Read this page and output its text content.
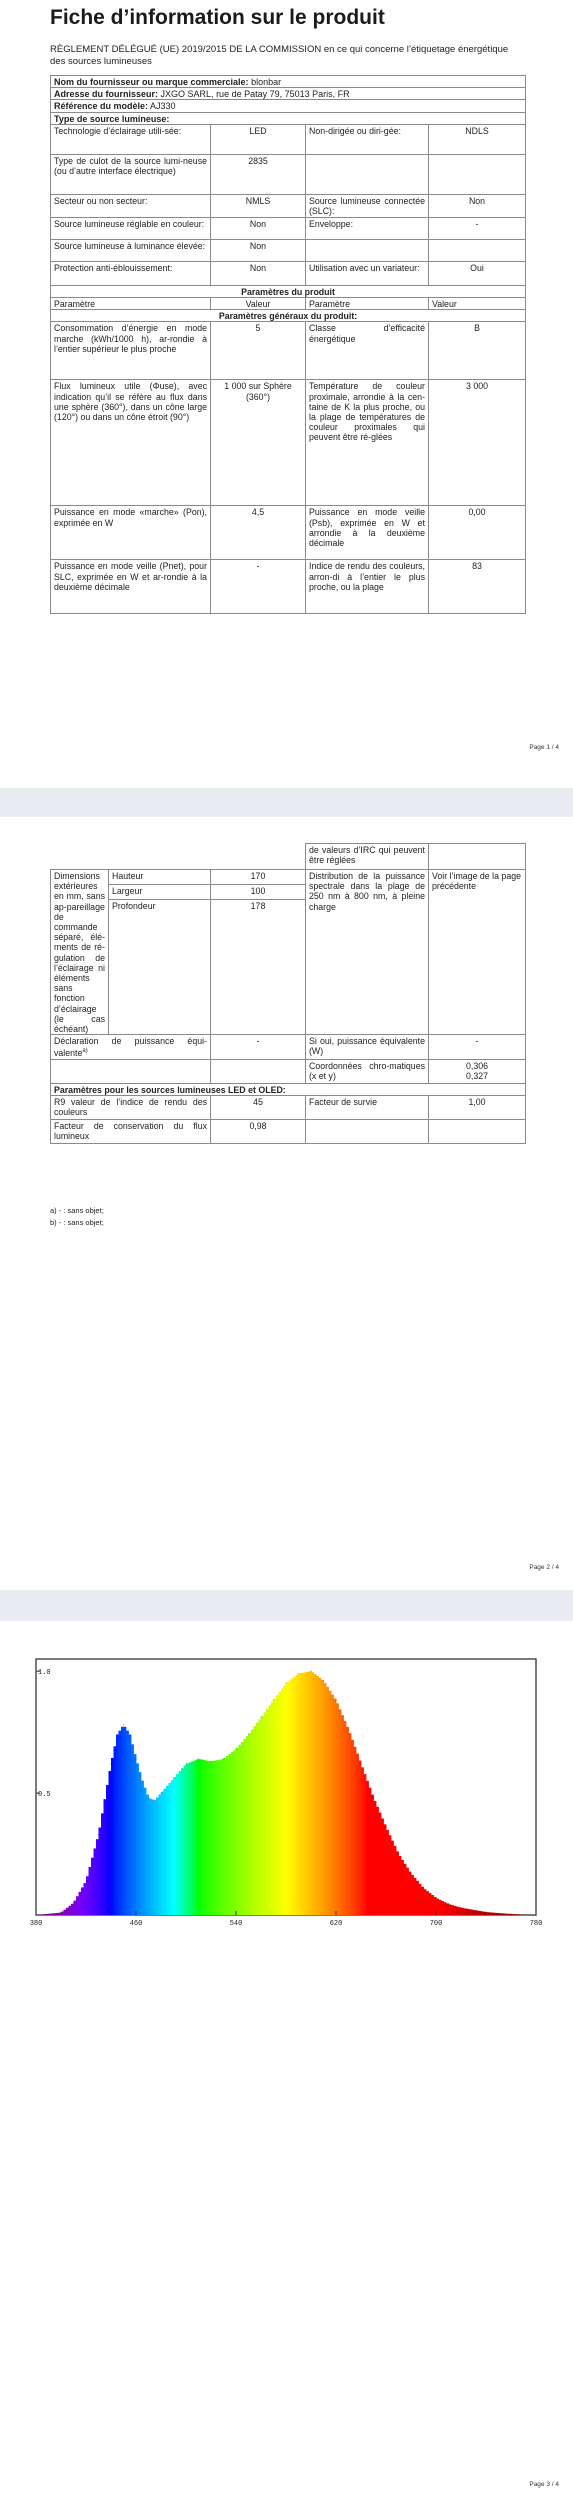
Fiche d’information sur le produit
RÈGLEMENT DÉLÉGUÉ (UE) 2019/2015 DE LA COMMISSION en ce qui concerne l’étiquetage énergétique des sources lumineuses
Nom du fournisseur ou marque commerciale: blonbar			
Adresse du fournisseur: JXGO SARL, rue de Patay 79, 75013 Paris, FR			
Référence du modèle: AJ330			
Type de source lumineuse:			
Technologie d’éclairage utili-sée:	LED	Non-dirigée ou diri-gée:	NDLS
Type de culot de la source lumi-neuse (ou d’autre interface électrique)	2835		
Secteur ou non secteur:	NMLS	Source lumineuse connectée (SLC):	Non
Source lumineuse réglable en couleur:	Non	Enveloppe:	-
Source lumineuse à luminance élevée:	Non		
Protection anti-éblouissement:	Non	Utilisation avec un variateur:	Oui
Paramètres du produit			
Paramètre	Valeur	Paramètre	Valeur
Paramètres généraux du produit:			
Consommation d’énergie en mode marche (kWh/1000 h), ar-rondie à l’entier supérieur le plus proche	5	Classe d’efficacité énergétique	B
Flux lumineux utile (Φuse), avec indication qu’il se réfère au flux dans une sphère (360°), dans un cône large (120°) ou dans un cône étroit (90°)	1 000 sur Sphère (360°)	Température de couleur proximale, arrondie à la cen-taine de K la plus proche, ou la plage de températures de couleur proximales qui peuvent être ré-glées	3 000
Puissance en mode «marche» (Pon), exprimée en W	4,5	Puissance en mode veille (Psb), exprimée en W et arrondie à la deuxième décimale	0,00
Puissance en mode veille (Pnet), pour SLC, exprimée en W et ar-rondie à la deuxième décimale	-	Indice de rendu des couleurs, arron-di à l’entier le plus proche, ou la plage	83
Page 1 / 4
			de valeurs d’IRC qui peuvent être réglées	
Dimensions extérieures en mm, sans ap-pareillage de commande séparé, élé-ments de ré-gulation de l’éclairage ni éléments sans fonction d’éclairage (le cas échéant)	Hauteur	170	Distribution de la puissance spectrale dans la plage de 250 nm à 800 nm, à pleine charge	Voir l’image de la page précédente
	Largeur	100		
	Profondeur	178		
Déclaration de puissance équi-valente$^{a)}$		-	Si oui, puissance équivalente (W)	-
			Coordonnées chro-matiques (x et y)	0,306
0,327

Paramètres pour les sources lumineuses LED et OLED:				
R9 valeur de l’indice de rendu des couleurs		45	Facteur de survie	1,00
Facteur de conservation du flux lumineux		0,98		
a) - : sans objet;
b) - : sans objet;
Page 2 / 4
Page 3 / 4
0.5
1.0
380	460	540	620	700	780
